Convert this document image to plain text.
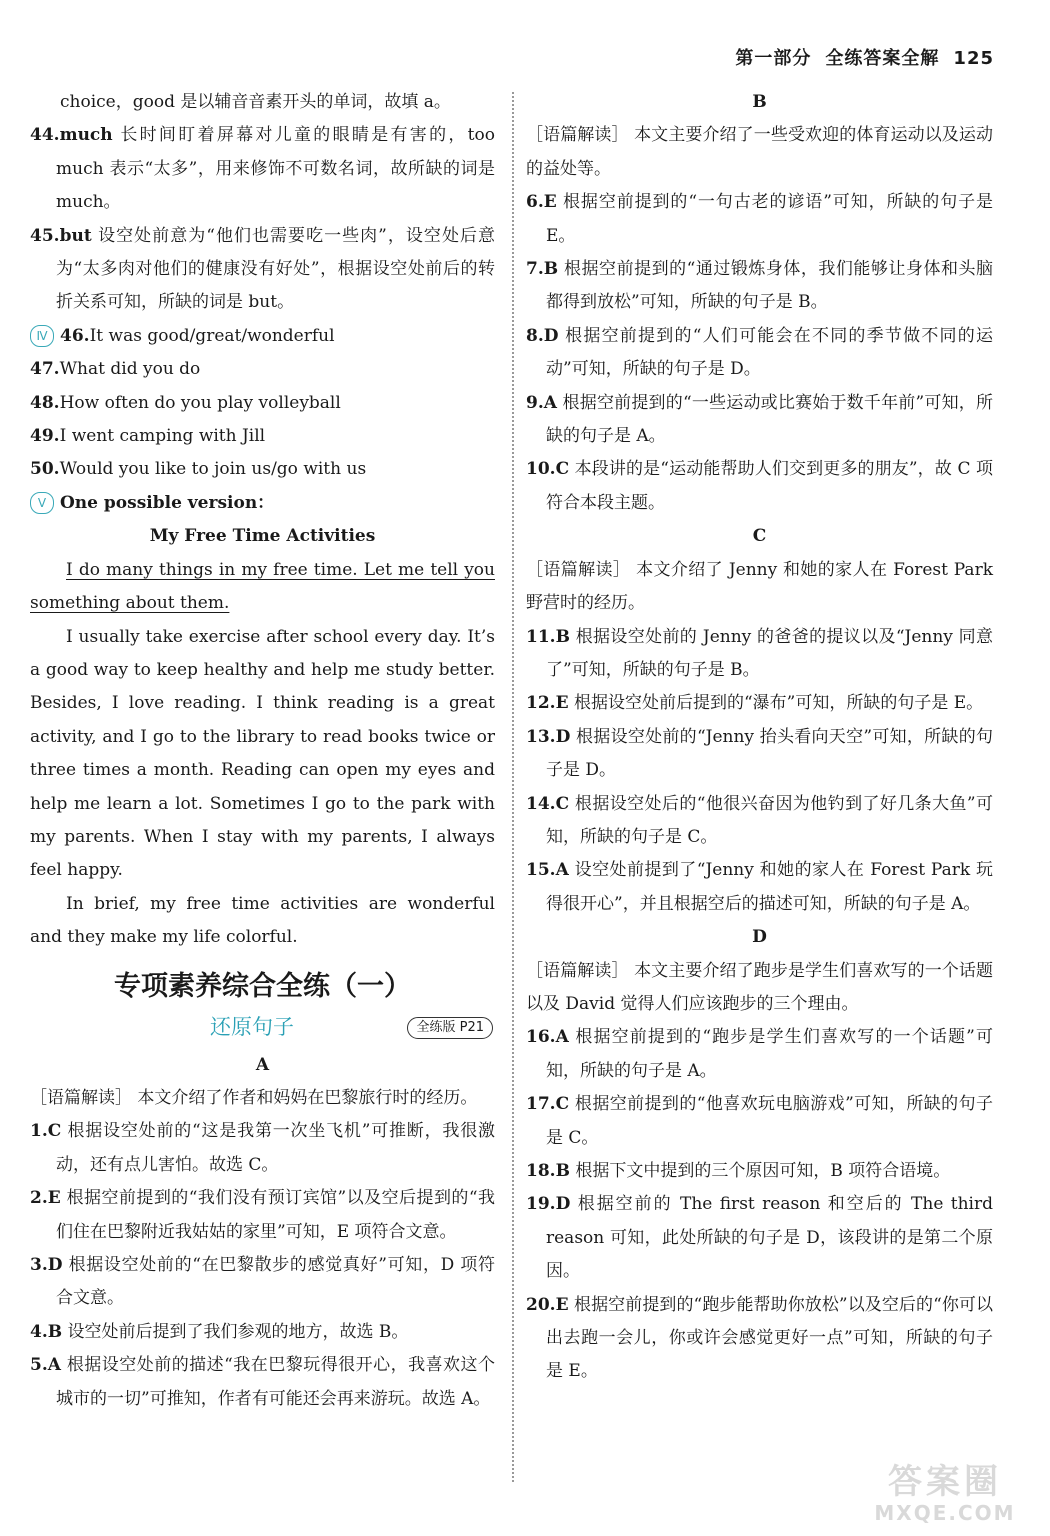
第一部分 全练答案全解 125

choice，good 是以辅音音素开头的单词，故填 a。

44.much 长时间盯着屏幕对儿童的眼睛是有害的，too much 表示“太多”，用来修饰不可数名词，故所缺的词是 much。

45.but 设空处前意为“他们也需要吃一些肉”，设空处后意为“太多肉对他们的健康没有好处”，根据设空处前后的转折关系可知，所缺的词是 but。

Ⅳ 46.It was good/great/wonderful

47.What did you do

48.How often do you play volleyball

49.I went camping with Jill

50.Would you like to join us/go with us

Ⅴ One possible version：

My Free Time Activities

I do many things in my free time. Let me tell you something about them.

I usually take exercise after school every day. It’s a good way to keep healthy and help me study better. Besides, I love reading. I think reading is a great activity, and I go to the library to read books twice or three times a month. Reading can open my eyes and help me learn a lot. Sometimes I go to the park with my parents. When I stay with my parents, I always feel happy.

In brief, my free time activities are wonderful and they make my life colorful.

专项素养综合全练（一）
还原句子	全练版 P21

A

［语篇解读］ 本文介绍了作者和妈妈在巴黎旅行时的经历。

1.C 根据设空处前的“这是我第一次坐飞机”可推断，我很激动，还有点儿害怕。故选 C。

2.E 根据空前提到的“我们没有预订宾馆”以及空后提到的“我们住在巴黎附近我姑姑的家里”可知，E 项符合文意。

3.D 根据设空处前的“在巴黎散步的感觉真好”可知，D 项符合文意。

4.B 设空处前后提到了我们参观的地方，故选 B。

5.A 根据设空处前的描述“我在巴黎玩得很开心，我喜欢这个城市的一切”可推知，作者有可能还会再来游玩。故选 A。

B

［语篇解读］ 本文主要介绍了一些受欢迎的体育运动以及运动的益处等。

6.E 根据空前提到的“一句古老的谚语”可知，所缺的句子是 E。

7.B 根据空前提到的“通过锻炼身体，我们能够让身体和头脑都得到放松”可知，所缺的句子是 B。

8.D 根据空前提到的“人们可能会在不同的季节做不同的运动”可知，所缺的句子是 D。

9.A 根据空前提到的“一些运动或比赛始于数千年前”可知，所缺的句子是 A。

10.C 本段讲的是“运动能帮助人们交到更多的朋友”，故 C 项符合本段主题。

C

［语篇解读］ 本文介绍了 Jenny 和她的家人在 Forest Park 野营时的经历。

11.B 根据设空处前的 Jenny 的爸爸的提议以及“Jenny 同意了”可知，所缺的句子是 B。

12.E 根据设空处前后提到的“瀑布”可知，所缺的句子是 E。

13.D 根据设空处前的“Jenny 抬头看向天空”可知，所缺的句子是 D。

14.C 根据设空处后的“他很兴奋因为他钓到了好几条大鱼”可知，所缺的句子是 C。

15.A 设空处前提到了“Jenny 和她的家人在 Forest Park 玩得很开心”，并且根据空后的描述可知，所缺的句子是 A。

D

［语篇解读］ 本文主要介绍了跑步是学生们喜欢写的一个话题以及 David 觉得人们应该跑步的三个理由。

16.A 根据空前提到的“跑步是学生们喜欢写的一个话题”可知，所缺的句子是 A。

17.C 根据空前提到的“他喜欢玩电脑游戏”可知，所缺的句子是 C。

18.B 根据下文中提到的三个原因可知，B 项符合语境。

19.D 根据空前的 The first reason 和空后的 The third reason 可知，此处所缺的句子是 D，该段讲的是第二个原因。

20.E 根据空前提到的“跑步能帮助你放松”以及空后的“你可以出去跑一会儿，你或许会感觉更好一点”可知，所缺的句子是 E。

答案圈
MXQE.COM
